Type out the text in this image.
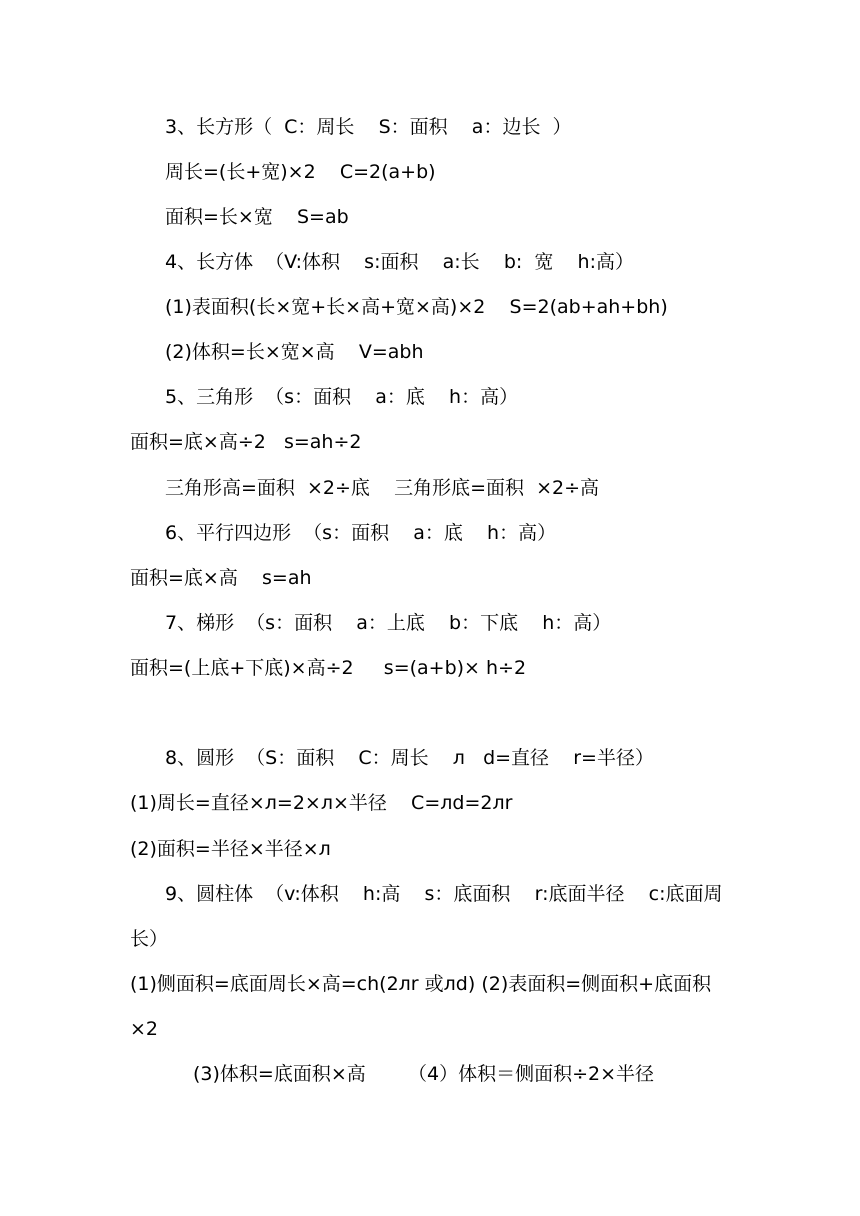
3、长方形（  C：周长    S：面积    a：边长  ）
周长=(长+宽)×2    C=2(a+b)
面积=长×宽    S=ab
4、长方体  （V:体积    s:面积    a:长    b:  宽    h:高）
(1)表面积(长×宽+长×高+宽×高)×2    S=2(ab+ah+bh)
(2)体积=长×宽×高    V=abh
5、三角形  （s：面积    a：底    h：高）
面积=底×高÷2   s=ah÷2
三角形高=面积  ×2÷底    三角形底=面积  ×2÷高
6、平行四边形  （s：面积    a：底    h：高）
面积=底×高    s=ah
7、梯形  （s：面积    a：上底    b：下底    h：高）
面积=(上底+下底)×高÷2     s=(a+b)× h÷2
8、圆形  （S：面积    C：周长    л   d=直径    r=半径）
(1)周长=直径×л=2×л×半径    C=лd=2лr
(2)面积=半径×半径×л
9、圆柱体  （v:体积    h:高    s：底面积    r:底面半径    c:底面周
长）
(1)侧面积=底面周长×高=ch(2лr 或лd) (2)表面积=侧面积+底面积
×2
(3)体积=底面积×高       （4）体积＝侧面积÷2×半径
